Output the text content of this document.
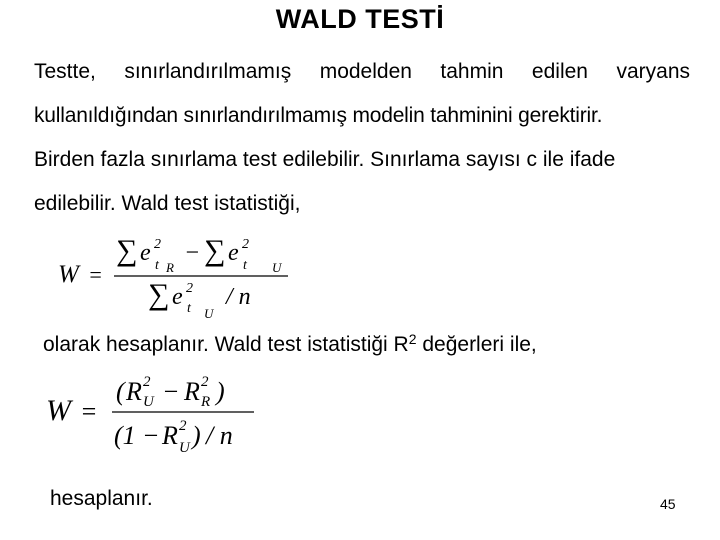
WALD TESTİ
Testte, sınırlandırılmamış modelden tahmin edilen varyans
kullanıldığından sınırlandırılmamış modelin tahminini gerektirir.
Birden fazla sınırlama test edilebilir. Sınırlama sayısı c ile ifade
edilebilir. Wald test istatistiği,
W =
∑ e 2
t R
− ∑ e 2
t U
∑ e 2
t U
/ n
olarak hesaplanır. Wald test istatistiği $R^2$ değerleri ile,
W =
( R 2
U − R 2
R )
(1 − R 2
U ) / n
hesaplanır.	45
